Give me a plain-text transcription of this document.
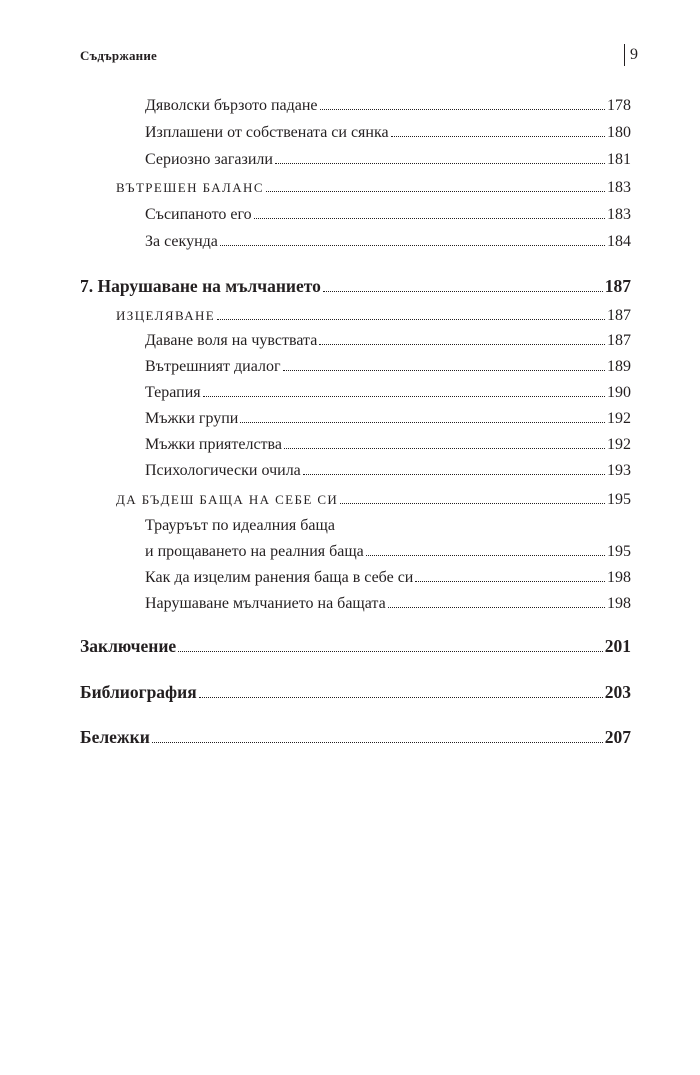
Съдържание	9
Дяволски бързото падане	178
Изплашени от собствената си сянка	180
Сериозно загазили	181
ВЪТРЕШЕН БАЛАНС	183
Съсипаното его	183
За секунда	184
7. Нарушаване на мълчанието	187
ИЗЦЕЛЯВАНЕ	187
Даване воля на чувствата	187
Вътрешният диалог	189
Терапия	190
Мъжки групи	192
Мъжки приятелства	192
Психологически очила	193
ДА БЪДЕШ БАЩА НА СЕБЕ СИ	195
Трауръът по идеалния баща
и прощаването на реалния баща	195
Как да изцелим ранения баща в себе си	198
Нарушаване мълчанието на бащата	198
Заключение	201
Библиография	203
Бележки	207
